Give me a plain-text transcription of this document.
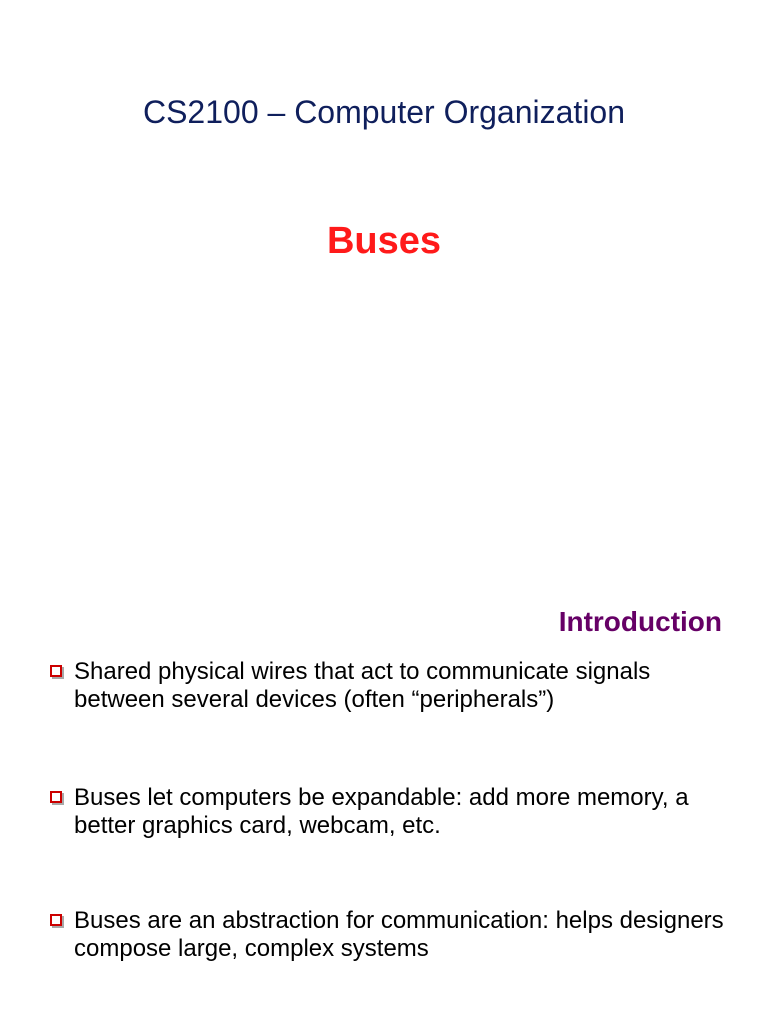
CS2100 – Computer Organization
Buses
Introduction
Shared physical wires that act to communicate signals between several devices (often “peripherals”)
Buses let computers be expandable: add more memory, a better graphics card, webcam, etc.
Buses are an abstraction for communication: helps designers compose large, complex systems
